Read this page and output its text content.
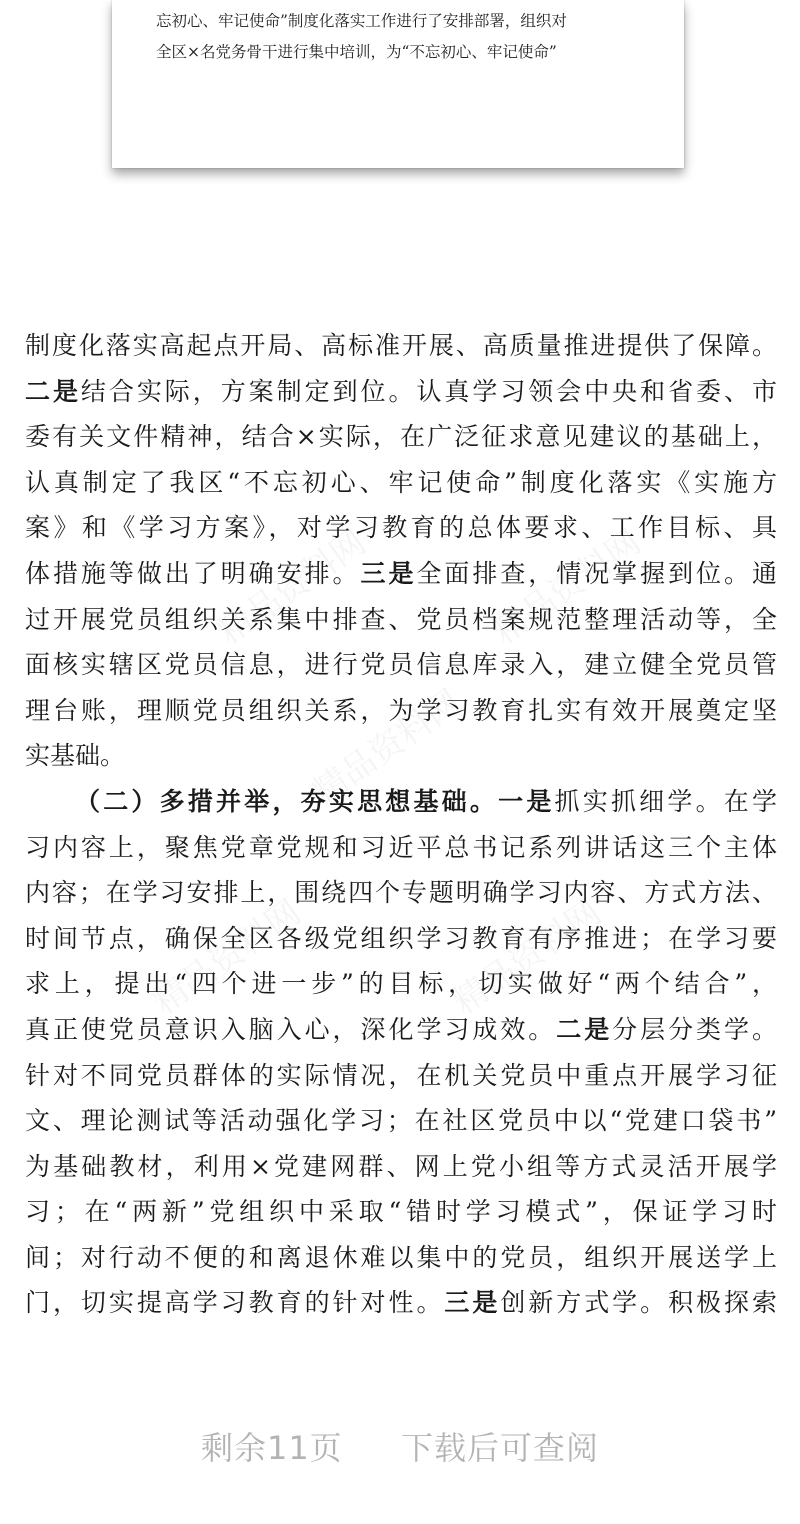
忘初心、牢记使命”制度化落实工作进行了安排部署，组织对
全区×名党务骨干进行集中培训，为“不忘初心、牢记使命”
制度化落实高起点开局、高标准开展、高质量推进提供了保障。
二是结合实际，方案制定到位。认真学习领会中央和省委、市
委有关文件精神，结合×实际，在广泛征求意见建议的基础上，
认真制定了我区“不忘初心、牢记使命”制度化落实《实施方
案》和《学习方案》，对学习教育的总体要求、工作目标、具
体措施等做出了明确安排。三是全面排查，情况掌握到位。通
过开展党员组织关系集中排查、党员档案规范整理活动等，全
面核实辖区党员信息，进行党员信息库录入，建立健全党员管
理台账，理顺党员组织关系，为学习教育扎实有效开展奠定坚
实基础。
（二）多措并举，夯实思想基础。一是抓实抓细学。在学
习内容上，聚焦党章党规和习近平总书记系列讲话这三个主体
内容；在学习安排上，围绕四个专题明确学习内容、方式方法、
时间节点，确保全区各级党组织学习教育有序推进；在学习要
求上，提出“四个进一步”的目标，切实做好“两个结合”，
真正使党员意识入脑入心，深化学习成效。二是分层分类学。
针对不同党员群体的实际情况，在机关党员中重点开展学习征
文、理论测试等活动强化学习；在社区党员中以“党建口袋书”
为基础教材，利用×党建网群、网上党小组等方式灵活开展学
习；在“两新”党组织中采取“错时学习模式”，保证学习时
间；对行动不便的和离退休难以集中的党员，组织开展送学上
门，切实提高学习教育的针对性。三是创新方式学。积极探索
剩余11页 下载后可查阅
